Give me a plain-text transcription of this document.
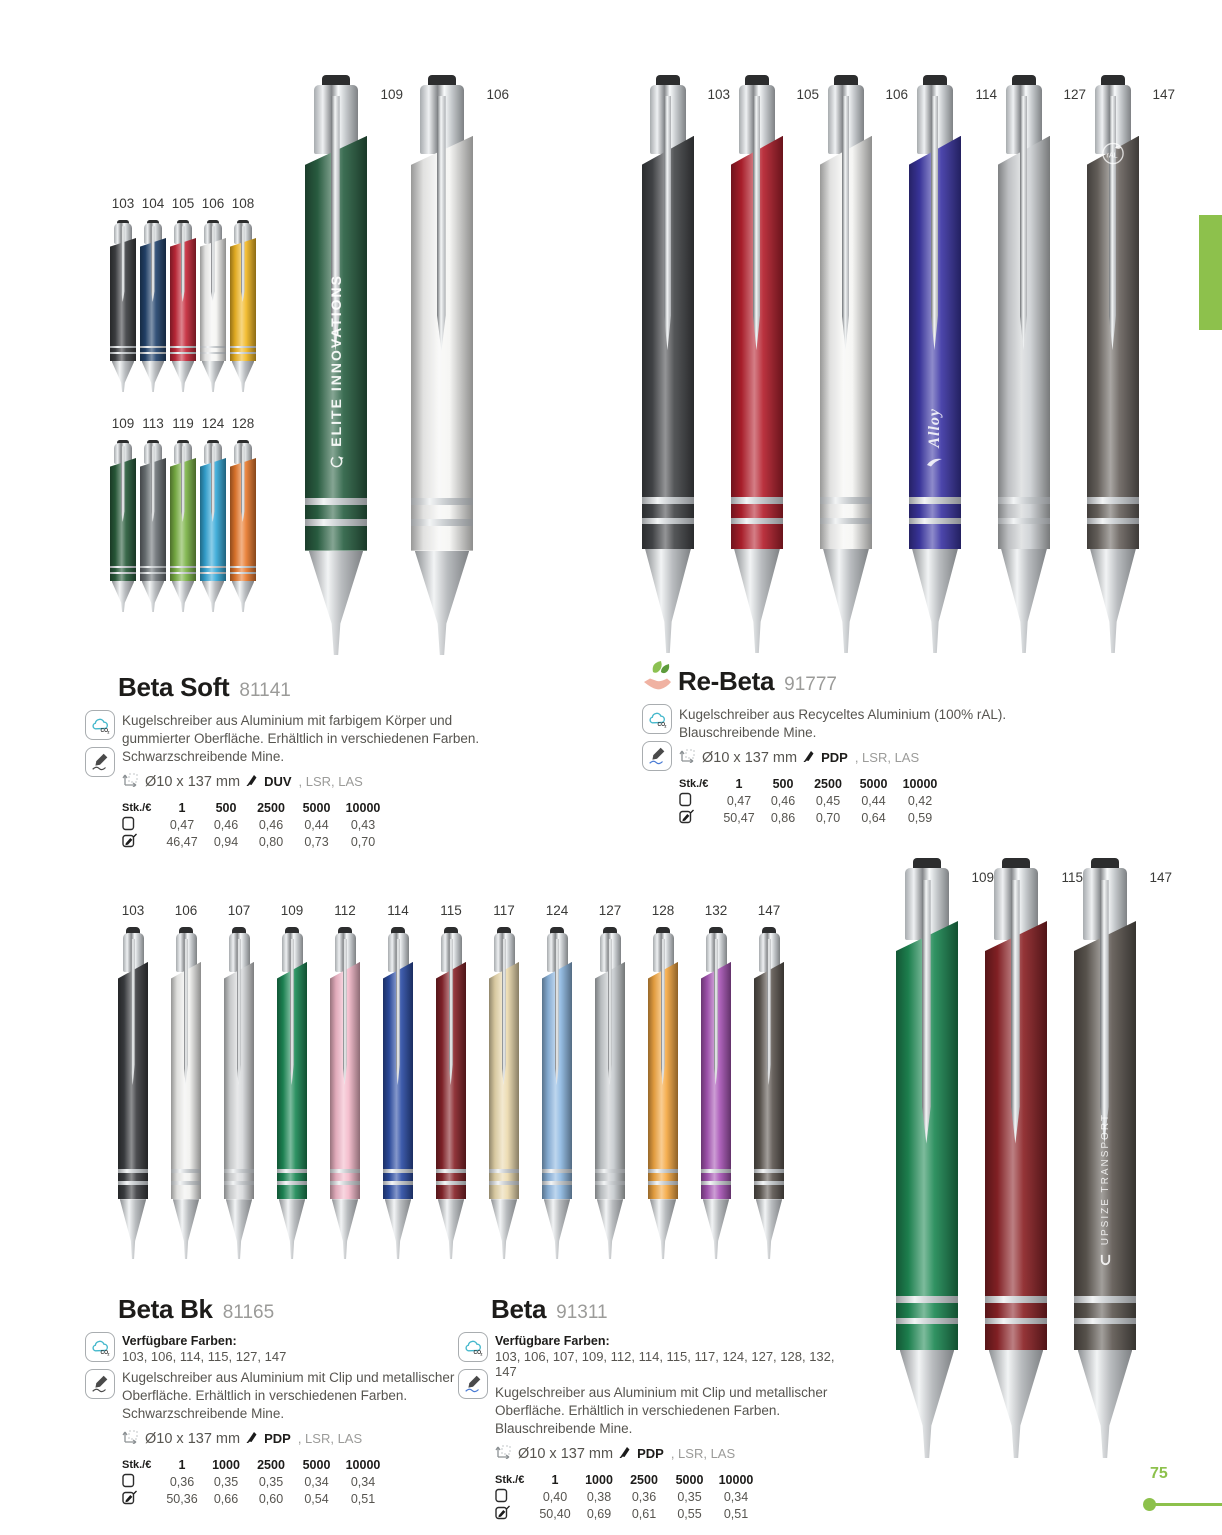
103 104 105 106 108
109 113 119 124 128
109
ELITE INNOVATIONS
106	103	105	106	114
Alloy
127	147
rAL
103 106 107 109 112 114 115 117 124 127 128 132 147
109	115	147
UPSIZE TRANSPORT
Beta Soft 81141
CO 2

Kugelschreiber aus Aluminium mit farbigem Körper und gummierter Oberfläche. Erhältlich in verschiedenen Farben. Schwarzschreibende Mine.

Ø10 x 137 mm DUV , LSR, LAS
Stk./€	1	500	2500	5000	10000
0,47	0,46	0,46	0,44	0,43
46,47	0,94	0,80	0,73	0,70
Re-Beta 91777
CO 2

Kugelschreiber aus Recyceltes Aluminium (100% rAL). Blauschreibende Mine.

Ø10 x 137 mm PDP , LSR, LAS
Stk./€	1	500	2500	5000	10000
0,47	0,46	0,45	0,44	0,42
50,47	0,86	0,70	0,64	0,59
Beta Bk 81165
CO 2
Verfügbare Farben:
103, 106, 114, 115, 127, 147

Kugelschreiber aus Aluminium mit Clip und metallischer Oberfläche. Erhältlich in verschiedenen Farben. Schwarzschreibende Mine.

Ø10 x 137 mm PDP , LSR, LAS
Stk./€	1	1000	2500	5000	10000
0,36	0,35	0,35	0,34	0,34
50,36	0,66	0,60	0,54	0,51
Beta 91311
CO 2
Verfügbare Farben:
103, 106, 107, 109, 112, 114, 115, 117, 124, 127, 128, 132, 147

Kugelschreiber aus Aluminium mit Clip und metallischer Oberfläche. Erhältlich in verschiedenen Farben. Blauschreibende Mine.

Ø10 x 137 mm PDP , LSR, LAS
Stk./€	1	1000	2500	5000	10000
0,40	0,38	0,36	0,35	0,34
50,40	0,69	0,61	0,55	0,51
75
